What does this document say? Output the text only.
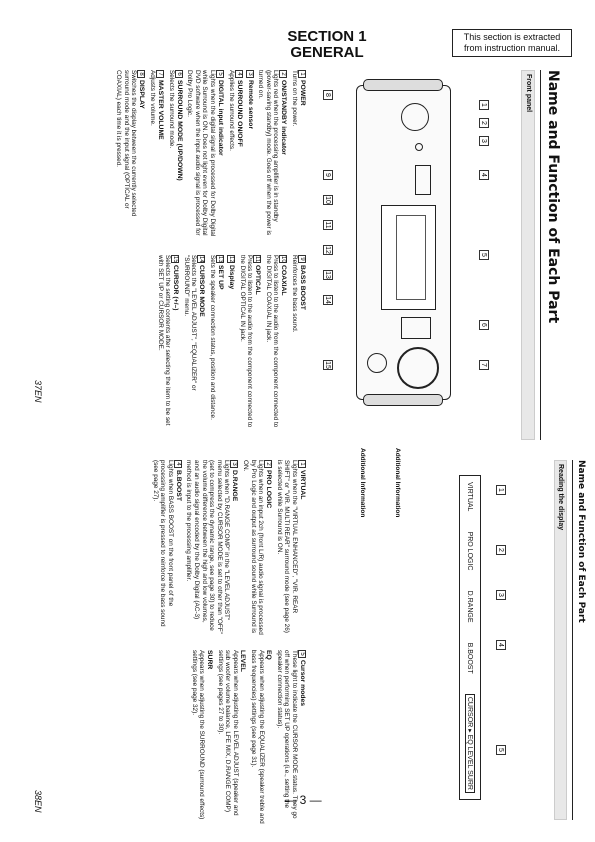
SECTION 1
GENERAL
This section is extracted from instruction manual.
Name and Function of Each Part
Front panel
1
2
3
4
5
6
7
8
9
10
11
12
13
14
15
1POWER
Turns on the power.
2ON/STANDBY indicator
Lights red when the processing amplifier is in standby (power-saving standby) mode. Goes off when the power is turned on.
3Remote sensor
4SURROUND ON/OFF
Applies the surround effects.
5DIGITAL input indicator
Lights when the digital signal is processed for Dolby Digital while Surround is ON. Does not light even for Dolby Digital DVD software when the input audio signal is processed for Dolby Pro Logic.
6SURROUND MODE (UP/DOWN)
Selects the surround mode.
7MASTER VOLUME
Adjusts the volume.
8DISPLAY
Switches the display between the currently selected surround mode and the input signal (OPTICAL or COAXIAL) each time it is pressed.
9BASS BOOST
Reinforces the bass sound.
10COAXIAL
Press to listen to the audio from the component connected to the DIGITAL COAXIAL IN jack.
11OPTICAL
Press to listen to the audio from the component connected to the DIGITAL OPTICAL IN jack.
12Display
13SET UP
Sets the speaker connection status, position and distance.
14CURSOR MODE
Selects the "LEVEL ADJUST", "EQUALIZER" or "SURROUND" menu.
15CURSOR (+/–)
Selects the setting contents after selecting the item to be set with SET UP or CURSOR MODE.
37EN
Additional Information
Additional Information	Name and Function of Each Part
Reading the display
1
2
3
4
5
VIRTUAL
PRO LOGIC
D.RANGE
B.BOOST
CURSOR ▸ EQ LEVEL SURR
1VIRTUAL
Lights when the "VIRTUAL ENHANCED", "VIR. REAR SHIFT" or "VIR. MULTI REAR" surround mode (see page 26) is selected while Surround is ON.
2PRO LOGIC
Lights when an input 2ch (front L/R) audio signal is processed by Pro Logic and output as surround sound while Surround is ON.
3D.RANGE
Lights when "D.RANGE COMP" in the "LEVEL ADJUST" menu selected by CURSOR MODE is set to other than "OFF" (set to compress the dynamic range, see page 30) to reduce the volume difference between the high and low volumes, and an audio signal encoded by the Dolby Digital (AC-3) method is input to the processing amplifier.
4B.BOOST
Lights when BASS BOOST on the front panel of the processing amplifier is pressed to reinforce the bass sound (see page 27).
5Cursor modes
These light to indicate the CURSOR MODE status. They go off when performing SET UP operations (i.e., setting the speaker connection status).
EQ
Appears when adjusting the EQUALIZER (speaker treble and bass frequencies) settings (see page 31).
LEVEL
Appears when adjusting the LEVEL ADJUST (speaker and sub woofer volume balance, LFE MIX, D.RANGE COMP) settings (see pages 27 to 30).
SURR
Appears when adjusting the SURROUND (surround effects) settings (see page 32).
38EN	— 3 —
